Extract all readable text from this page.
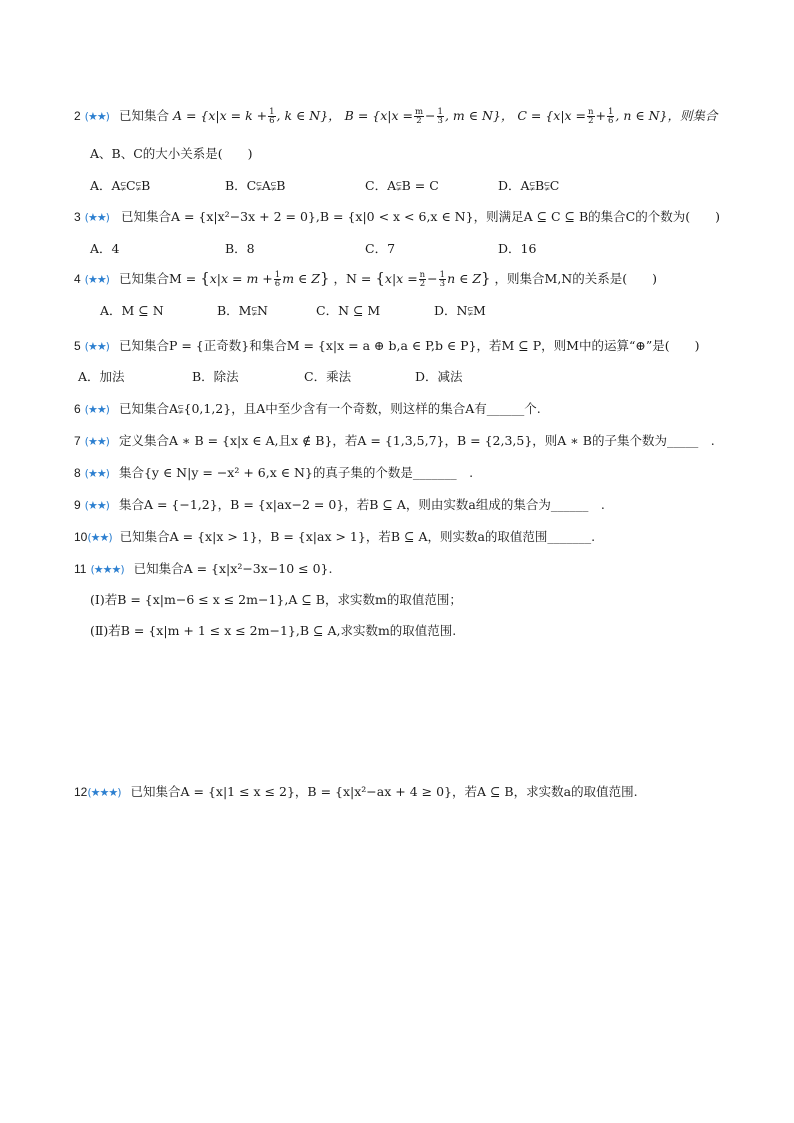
2 (★★) 已知集合 $A = \{x|x = k + \frac{1}{6}$ , k ∈ N}， $B = \{x|x = \frac{m}{2} - \frac{1}{3}$ , m ∈ N}， $C = \{x|x = \frac{n}{2} + \frac{1}{6}$ , n ∈ N}，则集合
A、B、C的大小关系是(　　)
A．A⫋C⫋B	B．C⫋A⫋B	C．A⫋B = C	D．A⫋B⫋C
3 (★★) 已知集合A = {x|x²−3x + 2 = 0},B = {x|0 < x < 6,x ∈ N}，则满足A ⊆ C ⊆ B的集合C的个数为(　　)
A．4	B．8	C．7	D．16
4 (★★) 已知集合$M = \{x|x = m + \frac{1}{6}$ m ∈ Z} ，$N = \{x|x = \frac{n}{2} - \frac{1}{3}$ n ∈ Z} ，则集合M,N的关系是(　　)
A．M ⊆ N	B．M⫋N	C．N ⊆ M	D．N⫋M
5 (★★) 已知集合P = {正奇数}和集合M = {x|x = a ⊕ b,a ∈ P,b ∈ P}，若M ⊆ P，则M中的运算“⊕”是(　　)
A．加法	B．除法	C．乘法	D．减法
6 (★★) 已知集合A⫋{0,1,2}，且A中至少含有一个奇数，则这样的集合A有______个.
7 (★★) 定义集合A ∗ B = {x|x ∈ A,且x ∉ B}，若A = {1,3,5,7}，B = {2,3,5}，则A ∗ B的子集个数为_____　.
8 (★★) 集合{y ∈ N|y = −x² + 6,x ∈ N}的真子集的个数是_______　.
9 (★★) 集合A = {−1,2}，B = {x|ax−2 = 0}，若B ⊆ A，则由实数a组成的集合为______　.
10(★★) 已知集合A = {x|x > 1}，B = {x|ax > 1}，若B ⊆ A，则实数a的取值范围_______.
11 (★★★) 已知集合A = {x|x²−3x−10 ≤ 0}.
(Ⅰ)若B = {x|m−6 ≤ x ≤ 2m−1},A ⊆ B，求实数m的取值范围；
(Ⅱ)若B = {x|m + 1 ≤ x ≤ 2m−1},B ⊆ A,求实数m的取值范围.
12(★★★) 已知集合A = {x|1 ≤ x ≤ 2}，B = {x|x²−ax + 4 ≥ 0}，若A ⊆ B，求实数a的取值范围.
